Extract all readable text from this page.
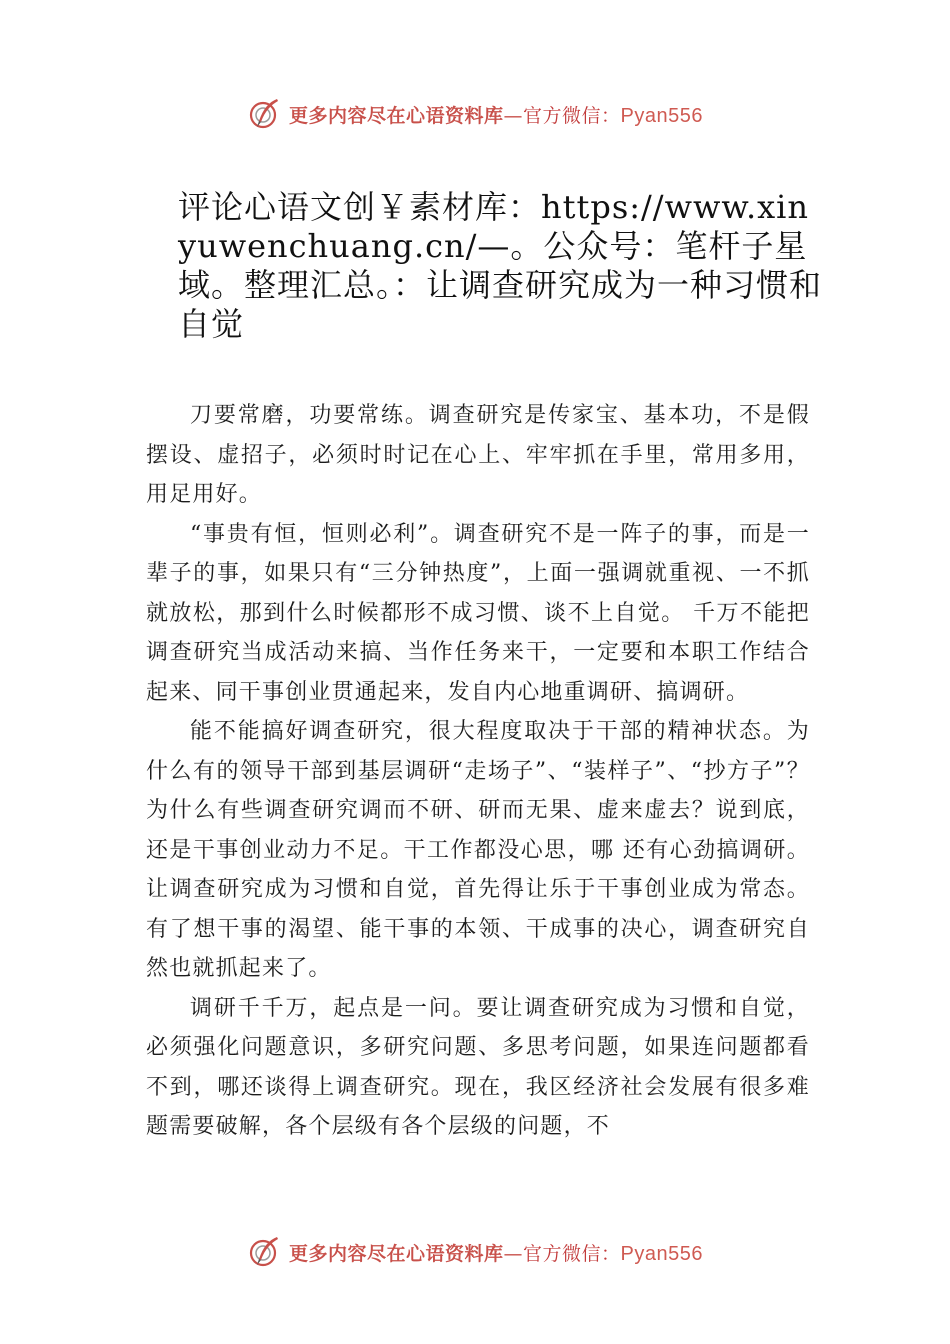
更多内容尽在心语资料库—官方微信：Pyan556
评论心语文创￥素材库：https://www.xinyuwenchuang.cn/—。公众号：笔杆子星域。整理汇总。：让调查研究成为一种习惯和自觉

刀要常磨，功要常练。调查研究是传家宝、基本功，不是假摆设、虚招子，必须时时记在心上、牢牢抓在手里，常用多用，用足用好。

“事贵有恒，恒则必利”。调查研究不是一阵子的事，而是一辈子的事，如果只有“三分钟热度”，上面一强调就重视、一不抓就放松，那到什么时候都形不成习惯、谈不上自觉。 千万不能把调查研究当成活动来搞、当作任务来干，一定要和本职工作结合起来、同干事创业贯通起来，发自内心地重调研、搞调研。

能不能搞好调查研究，很大程度取决于干部的精神状态。为什么有的领导干部到基层调研“走场子”、“装样子”、“抄方子”？为什么有些调查研究调而不研、研而无果、虚来虚去？说到底，还是干事创业动力不足。干工作都没心思，哪 还有心劲搞调研。让调查研究成为习惯和自觉，首先得让乐于干事创业成为常态。有了想干事的渴望、能干事的本领、干成事的决心，调查研究自然也就抓起来了。

调研千千万，起点是一问。要让调查研究成为习惯和自觉，必须强化问题意识，多研究问题、多思考问题，如果连问题都看不到，哪还谈得上调查研究。现在，我区经济社会发展有很多难题需要破解，各个层级有各个层级的问题，不

更多内容尽在心语资料库—官方微信：Pyan556
